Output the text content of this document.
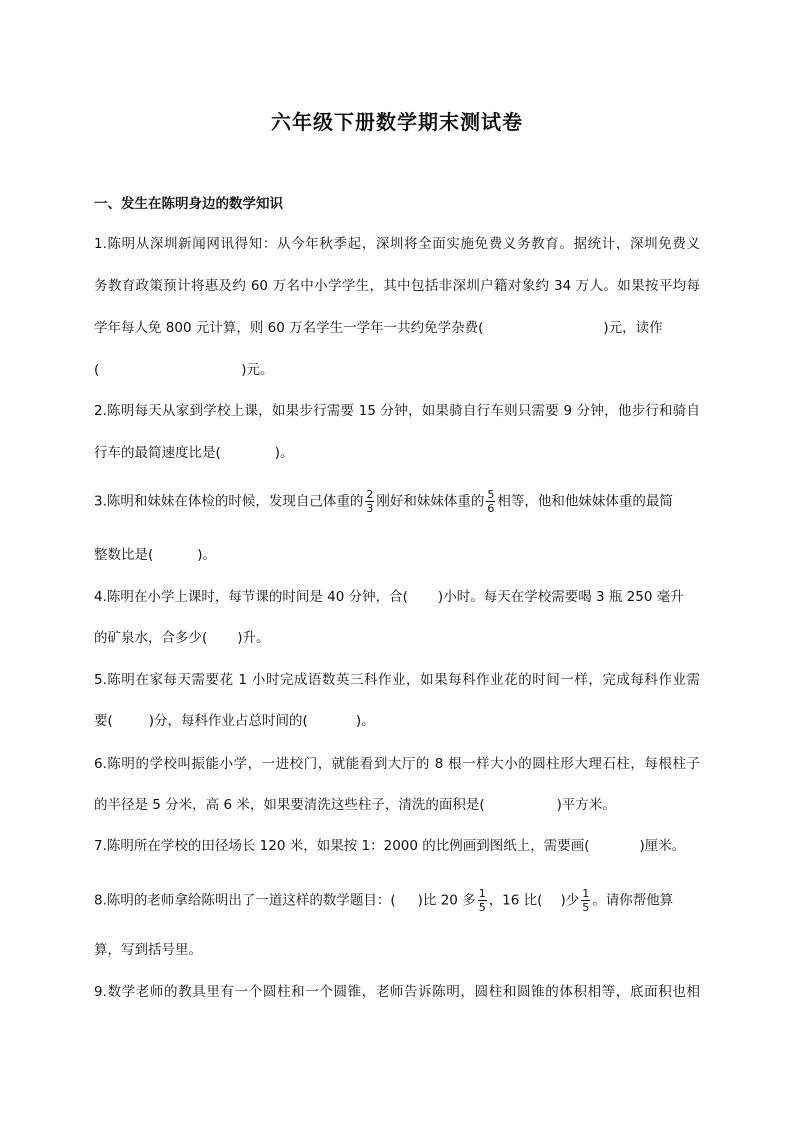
六年级下册数学期末测试卷
一、发生在陈明身边的数学知识
1.陈明从深圳新闻网讯得知：从今年秋季起，深圳将全面实施免费义务教育。据统计，深圳免费义
务教育政策预计将惠及约 60 万名中小学学生，其中包括非深圳户籍对象约 34 万人。如果按平均每
学年每人免 800 元计算，则 60 万名学生一学年一共约免学杂费(	)元，读作
(	)元。
2.陈明每天从家到学校上课，如果步行需要 15 分钟，如果骑自行车则只需要 9 分钟，他步行和骑自
行车的最简速度比是(	)。
3.陈明和妹妹在体检的时候，发现自己体重的 $\frac{2}{3}$ 刚好和妹妹体重的 $\frac{5}{6}$ 相等，他和他妹妹体重的最简
整数比是(	)。
4.陈明在小学上课时，每节课的时间是 40 分钟，合( )小时。每天在学校需要喝 3 瓶 250 毫升
的矿泉水，合多少( )升。
5.陈明在家每天需要花 1 小时完成语数英三科作业，如果每科作业花的时间一样，完成每科作业需
要(	)分，每科作业占总时间的(	)。
6.陈明的学校叫振能小学，一进校门，就能看到大厅的 8 根一样大小的圆柱形大理石柱，每根柱子
的半径是 5 分米，高 6 米，如果要清洗这些柱子，清洗的面积是(	)平方米。
7.陈明所在学校的田径场长 120 米，如果按 1：2000 的比例画到图纸上，需要画(	)厘米。
8.陈明的老师拿给陈明出了一道这样的数学题目：( )比 20 多 $\frac{1}{5}$ ，16 比( )少 $\frac{1}{5}$ 。请你帮他算
算，写到括号里。
9.数学老师的教具里有一个圆柱和一个圆锥，老师告诉陈明，圆柱和圆锥的体积相等，底面积也相
